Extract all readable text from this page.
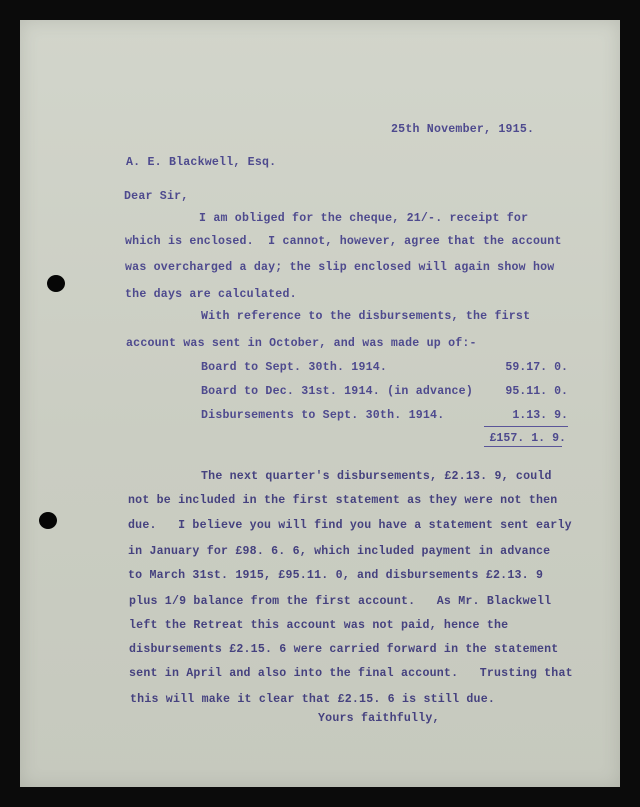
25th November, 1915.

A. E. Blackwell, Esq.

Dear Sir,

I am obliged for the cheque, 21/-. receipt for

which is enclosed.  I cannot, however, agree that the account

was overcharged a day; the slip enclosed will again show how

the days are calculated.

With reference to the disbursements, the first

account was sent in October, and was made up of:-

Board to Sept. 30th. 1914.	59.17. 0.

Board to Dec. 31st. 1914. (in advance)	95.11. 0.

Disbursements to Sept. 30th. 1914.	1.13. 9.

£157. 1. 9.

The next quarter's disbursements, £2.13. 9, could

not be included in the first statement as they were not then

due.   I believe you will find you have a statement sent early

in January for £98. 6. 6, which included payment in advance

to March 31st. 1915, £95.11. 0, and disbursements £2.13. 9

plus 1/9 balance from the first account.   As Mr. Blackwell

left the Retreat this account was not paid, hence the

disbursements £2.15. 6 were carried forward in the statement

sent in April and also into the final account.   Trusting that

this will make it clear that £2.15. 6 is still due.

Yours faithfully,
